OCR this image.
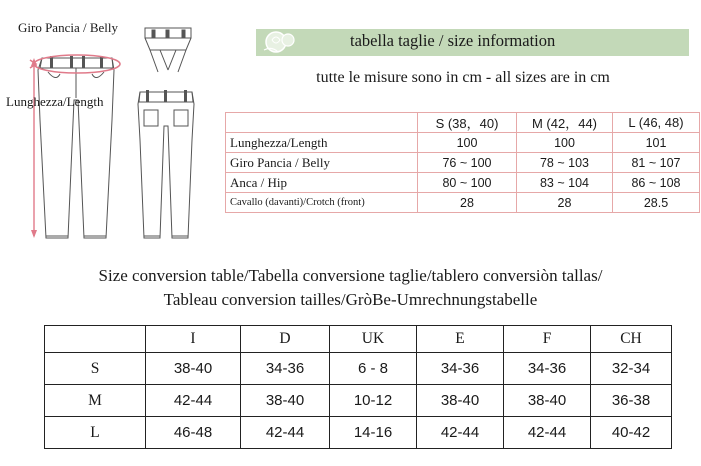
Giro Pancia / Belly
Lunghezza/Length
tabella taglie / size information
tutte le misure sono in cm - all sizes are in cm
	S (38，40)	M (42，44)	L (46, 48)
Lunghezza/Length	100	100	101
Giro Pancia / Belly	76 ~ 100	78 ~ 103	81 ~ 107
Anca / Hip	80 ~ 100	83 ~ 104	86 ~ 108
Cavallo (davanti)/Crotch (front)	28	28	28.5
Size conversion table/Tabella conversione taglie/tablero conversiòn tallas/
Tableau conversion tailles/GròBe-Umrechnungstabelle
	I	D	UK	E	F	CH
S	38-40	34-36	6 - 8	34-36	34-36	32-34
M	42-44	38-40	10-12	38-40	38-40	36-38
L	46-48	42-44	14-16	42-44	42-44	40-42
